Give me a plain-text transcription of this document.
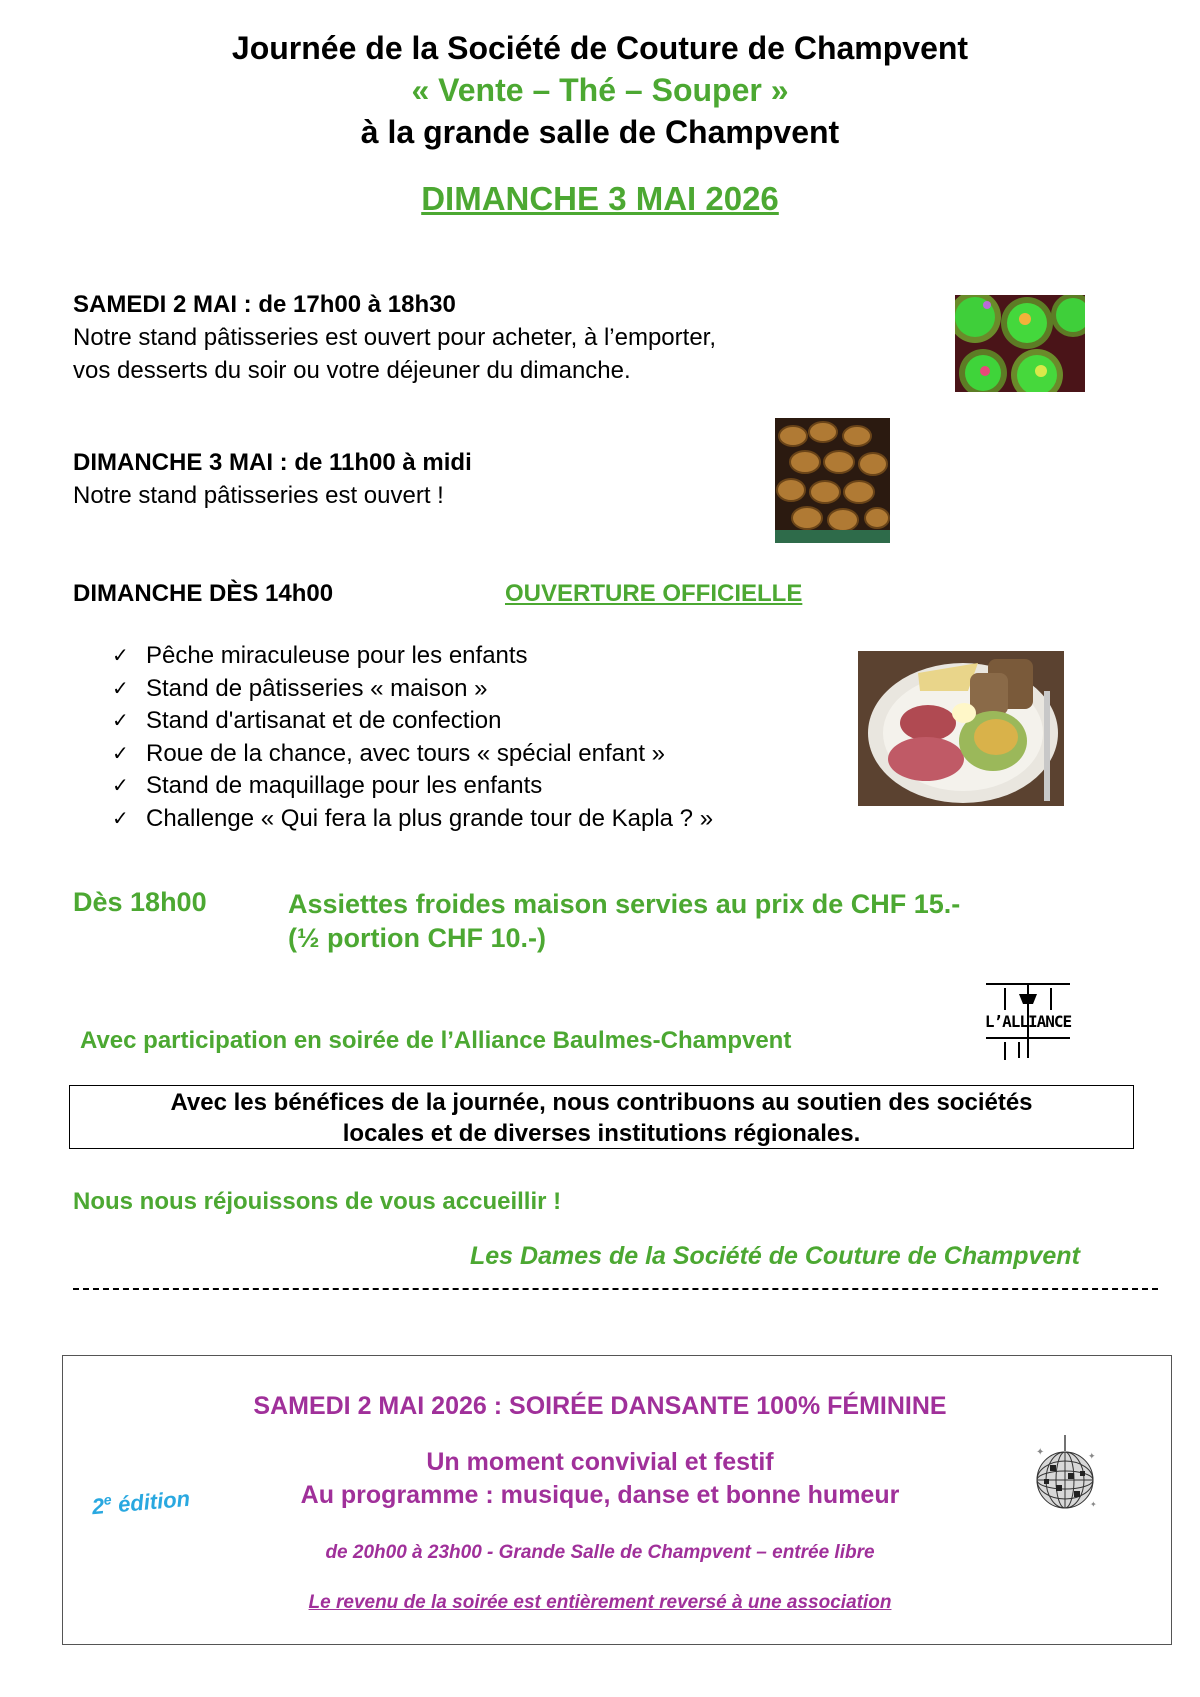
Journée de la Société de Couture de Champvent
« Vente – Thé – Souper »
à la grande salle de Champvent
DIMANCHE 3 MAI 2026
SAMEDI 2 MAI : de 17h00 à 18h30
Notre stand pâtisseries est ouvert pour acheter, à l’emporter,
vos desserts du soir ou votre déjeuner du dimanche.
DIMANCHE 3 MAI : de 11h00 à midi
Notre stand pâtisseries est ouvert !
DIMANCHE DÈS 14h00	OUVERTURE OFFICIELLE
✓ Pêche miraculeuse pour les enfants
✓ Stand de pâtisseries « maison »
✓ Stand d'artisanat et de confection
✓ Roue de la chance, avec tours « spécial enfant »
✓ Stand de maquillage pour les enfants
✓ Challenge « Qui fera la plus grande tour de Kapla ? »
Dès 18h00	Assiettes froides maison servies au prix de CHF 15.-
(½ portion CHF 10.-)
Avec participation en soirée de l’Alliance Baulmes-Champvent
L’ALLIANCE
Avec les bénéfices de la journée, nous contribuons au soutien des sociétés
locales et de diverses institutions régionales.
Nous nous réjouissons de vous accueillir !
Les Dames de la Société de Couture de Champvent
SAMEDI 2 MAI 2026 : SOIRÉE DANSANTE 100% FÉMININE
Un moment convivial et festif
Au programme : musique, danse et bonne humeur
de 20h00 à 23h00 - Grande Salle de Champvent – entrée libre
Le revenu de la soirée est entièrement reversé à une association
2e édition
✦	✦
✦
